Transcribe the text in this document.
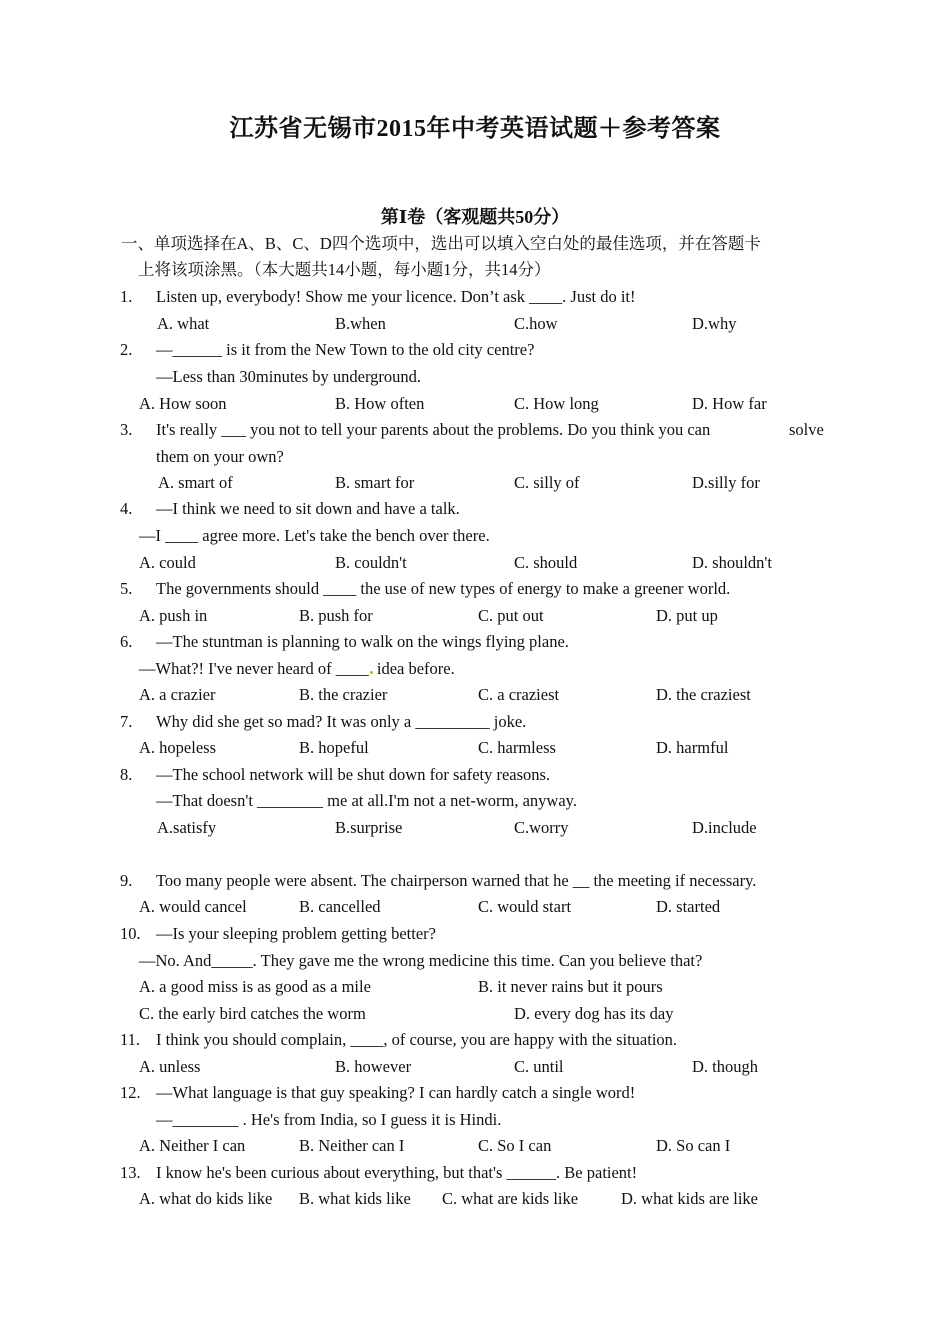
江苏省无锡市2015年中考英语试题＋参考答案
第Ⅰ卷（客观题共50分）
一、单项选择在A、B、C、D四个选项中，选出可以填入空白处的最佳选项，并在答题卡
上将该项涂黑。（本大题共14小题，每小题1分，共14分）
1. Listen up, everybody! Show me your licence. Don’t ask ____. Just do it!
A. what	B.when	C.how	D.why
2. —______ is it from the New Town to the old city centre?
—Less than 30minutes by underground.
A. How soon	B. How often	C. How long	D. How far
3. It's really ___ you not to tell your parents about the problems. Do you think you can	solve
them on your own?
A. smart of	B. smart for	C. silly of	D.silly for
4. —I think we need to sit down and have a talk.
—I ____ agree more. Let's take the bench over there.
A. could	B. couldn't	C. should	D. shouldn't
5. The governments should ____ the use of new types of energy to make a greener world.
A. push in	B. push for	C. put out	D. put up
6. —The stuntman is planning to walk on the wings flying plane.
—What?! I've never heard of ____ idea before.
A. a crazier	B. the crazier	C. a craziest	D. the craziest
7. Why did she get so mad? It was only a _________ joke.
A. hopeless	B. hopeful	C. harmless	D. harmful
8. —The school network will be shut down for safety reasons.
—That doesn't ________ me at all.I'm not a net-worm, anyway.
A.satisfy	B.surprise	C.worry	D.include
9. Too many people were absent. The chairperson warned that he __ the meeting if necessary.
A. would cancel	B. cancelled	C. would start	D. started
10. —Is your sleeping problem getting better?
—No. And_____. They gave me the wrong medicine this time. Can you believe that?
A. a good miss is as good as a mile	B. it never rains but it pours
C. the early bird catches the worm	D. every dog has its day
11. I think you should complain, ____, of course, you are happy with the situation.
A. unless	B. however	C. until	D. though
12. —What language is that guy speaking? I can hardly catch a single word!
—________ . He's from India, so I guess it is Hindi.
A. Neither I can	B. Neither can I	C. So I can	D. So can I
13. I know he's been curious about everything, but that's ______. Be patient!
A. what do kids like B. what kids like C. what are kids like	D. what kids are like
